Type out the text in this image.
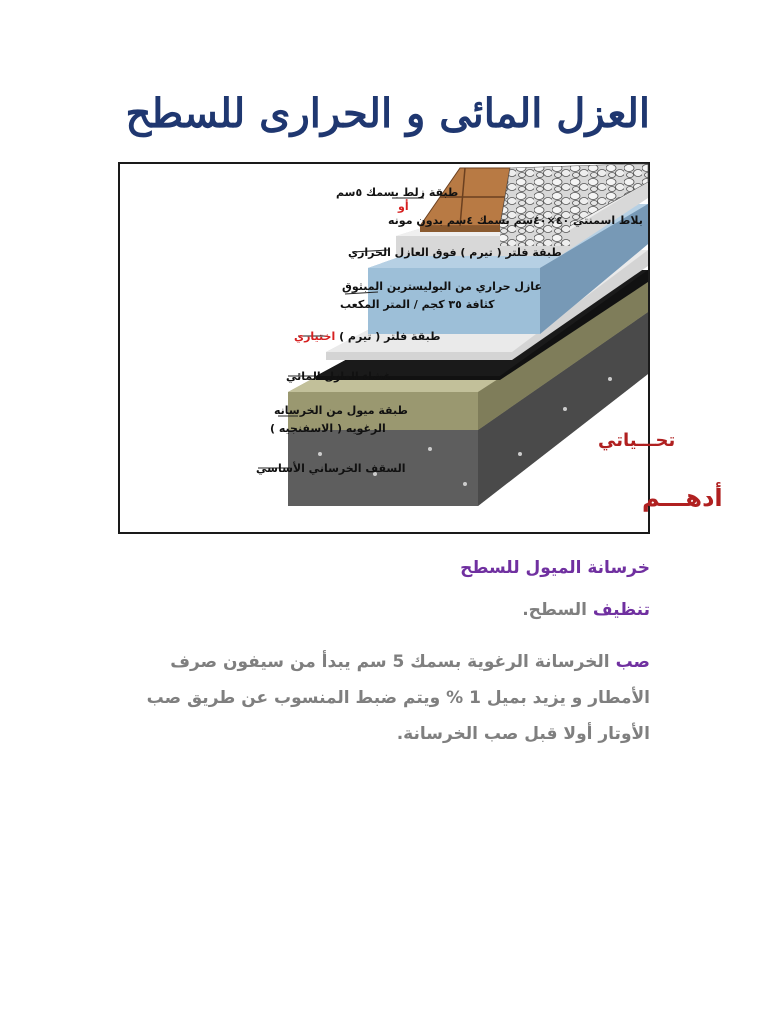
العزل المائى و الحرارى للسطح
طبقة زلط بسمك ٥سم
أو
بلاط اسمنتي ٤٠×٤٠سم بسمك ٤سم بدون مونه
طبقة فلتر ( تيرم ) فوق العازل الحراري
عازل حراري من البوليسترين المبثوق
كثافة ٣٥ كجم / المتر المكعب
طبقة فلتر ( تيرم ) اختياري
غشاء العازل المائي
طبقة ميول من الخرسانه
الرغويه ( الاسفنجيه )
السقف الخرساني الأساسي
تحـــياتي
أدهـــم
خرسانة الميول للسطح
تنظيف السطح.
صب الخرسانة الرغوية بسمك 5 سم يبدأ من سيفون صرف الأمطار و يزيد بميل 1 % ويتم ضبط المنسوب عن طريق صب الأوتار أولا قبل صب الخرسانة.
